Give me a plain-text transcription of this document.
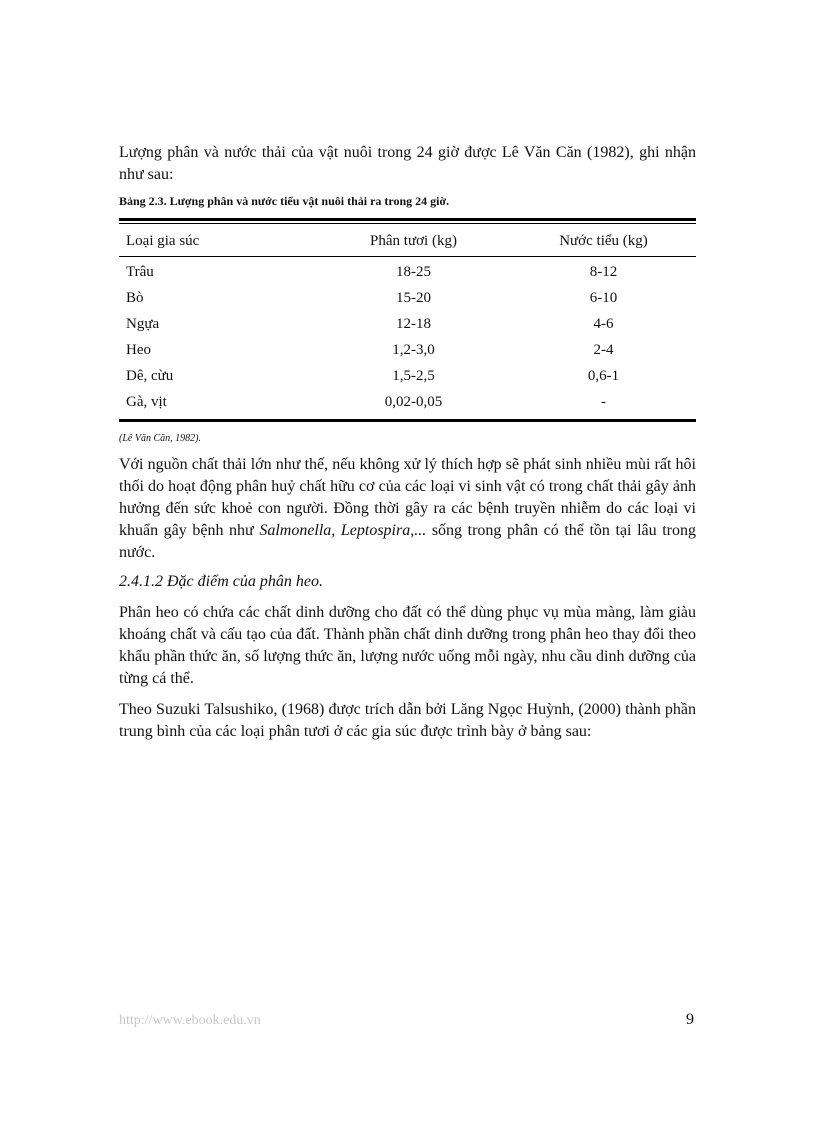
Lượng phân và nước thải của vật nuôi trong 24 giờ được Lê Văn Căn (1982), ghi nhận như sau:

Bảng 2.3. Lượng phân và nước tiểu vật nuôi thải ra trong 24 giờ.
Loại gia súc	Phân tươi (kg)	Nước tiểu (kg)
Trâu	18-25	8-12
Bò	15-20	6-10
Ngựa	12-18	4-6
Heo	1,2-3,0	2-4
Dê, cừu	1,5-2,5	0,6-1
Gà, vịt	0,02-0,05	-
(Lê Văn Căn, 1982).

Với nguồn chất thải lớn như thế, nếu không xử lý thích hợp sẽ phát sinh nhiều mùi rất hôi thối do hoạt động phân huỷ chất hữu cơ của các loại vi sinh vật có trong chất thải gây ảnh hưởng đến sức khoẻ con người. Đồng thời gây ra các bệnh truyền nhiễm do các loại vi khuẩn gây bệnh như Salmonella, Leptospira,... sống trong phân có thể tồn tại lâu trong nước.

2.4.1.2 Đặc điểm của phân heo.

Phân heo có chứa các chất dinh dưỡng cho đất có thể dùng phục vụ mùa màng, làm giàu khoáng chất và cấu tạo của đất. Thành phần chất dinh dưỡng trong phân heo thay đổi theo khẩu phần thức ăn, số lượng thức ăn, lượng nước uống mỗi ngày, nhu cầu dinh dưỡng của từng cá thể.

Theo Suzuki Talsushiko, (1968) được trích dẫn bởi Lăng Ngọc Huỳnh, (2000) thành phần trung bình của các loại phân tươi ở các gia súc được trình bày ở bảng sau:

http://www.ebook.edu.vn	9
